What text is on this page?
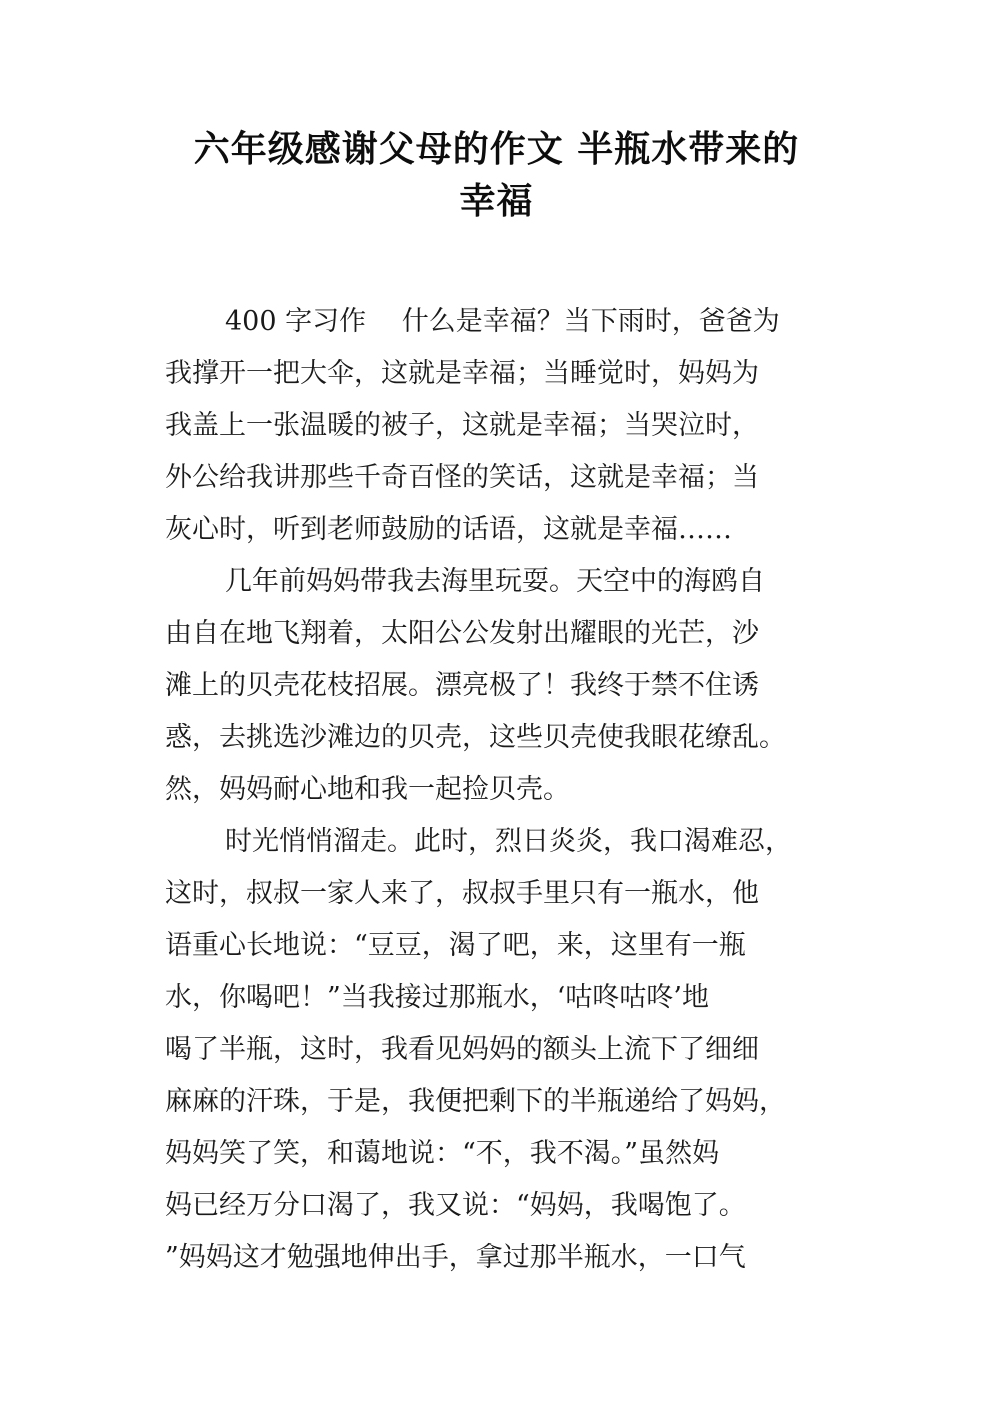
六年级感谢父母的作文 半瓶水带来的
幸福
400 字习作　 什么是幸福？当下雨时，爸爸为
我撑开一把大伞，这就是幸福；当睡觉时，妈妈为
我盖上一张温暖的被子，这就是幸福；当哭泣时，
外公给我讲那些千奇百怪的笑话，这就是幸福；当
灰心时，听到老师鼓励的话语，这就是幸福……
几年前妈妈带我去海里玩耍。天空中的海鸥自
由自在地飞翔着，太阳公公发射出耀眼的光芒，沙
滩上的贝壳花枝招展。漂亮极了！我终于禁不住诱
惑，去挑选沙滩边的贝壳，这些贝壳使我眼花缭乱。
然，妈妈耐心地和我一起捡贝壳。
时光悄悄溜走。此时，烈日炎炎，我口渴难忍，
这时，叔叔一家人来了，叔叔手里只有一瓶水，他
语重心长地说：“豆豆，渴了吧，来，这里有一瓶
水，你喝吧！”当我接过那瓶水，‘咕咚咕咚’地
喝了半瓶，这时，我看见妈妈的额头上流下了细细
麻麻的汗珠，于是，我便把剩下的半瓶递给了妈妈，
妈妈笑了笑，和蔼地说：“不，我不渴。”虽然妈
妈已经万分口渴了，我又说：“妈妈，我喝饱了。
”妈妈这才勉强地伸出手，拿过那半瓶水，一口气
